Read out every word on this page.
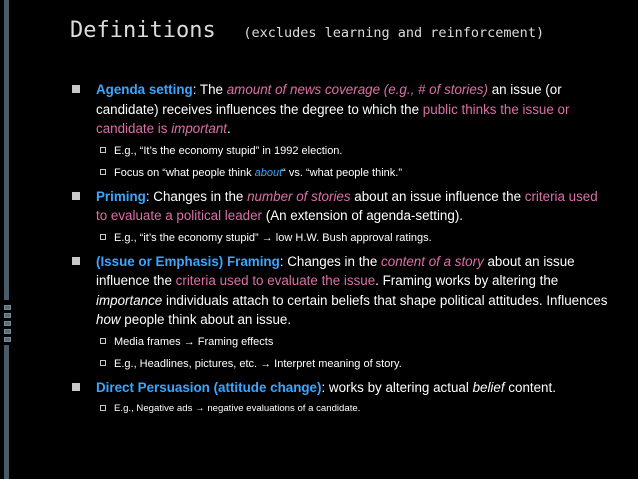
Definitions (excludes learning and reinforcement)
Agenda setting: The amount of news coverage (e.g., # of stories) an issue (or candidate) receives influences the degree to which the public thinks the issue or candidate is important.
E.g., “It’s the economy stupid” in 1992 election.
Focus on “what people think about“ vs. “what people think.”
Priming: Changes in the number of stories about an issue influence the criteria used to evaluate a political leader (An extension of agenda-setting).
E.g., “it’s the economy stupid” → low H.W. Bush approval ratings.
(Issue or Emphasis) Framing: Changes in the content of a story about an issue influence the criteria used to evaluate the issue. Framing works by altering the importance individuals attach to certain beliefs that shape political attitudes. Influences how people think about an issue.
Media frames → Framing effects
E.g., Headlines, pictures, etc. → Interpret meaning of story.
Direct Persuasion (attitude change): works by altering actual belief content.
E.g., Negative ads → negative evaluations of a candidate.
